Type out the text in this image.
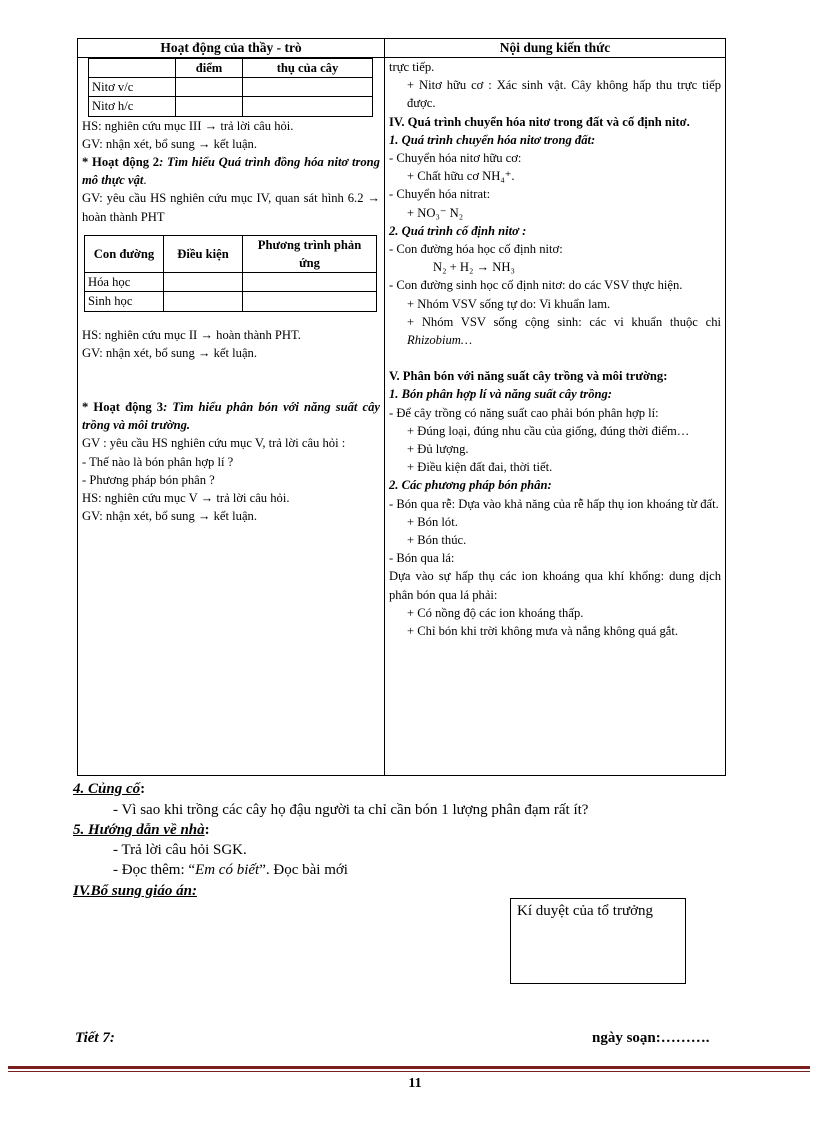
Hoạt động của thầy - trò
	điểm	thụ của cây
Nitơ v/c		
Nitơ h/c		

HS: nghiên cứu mục III → trả lời câu hỏi.

GV: nhận xét, bổ sung → kết luận.

* Hoạt động 2: Tìm hiểu Quá trình đồng hóa nitơ trong mô thực vật.

GV: yêu cầu HS nghiên cứu mục IV, quan sát hình 6.2 → hoàn thành PHT

Con đường	Điều kiện	Phương trình phản ứng
Hóa học		
Sinh học		

HS: nghiên cứu mục II → hoàn thành PHT.

GV: nhận xét, bổ sung → kết luận.

* Hoạt động 3: Tìm hiểu phân bón với năng suất cây trồng và môi trường.

GV : yêu cầu HS nghiên cứu mục V, trả lời câu hỏi :

- Thế nào là bón phân hợp lí ?

- Phương pháp bón phân ?

HS: nghiên cứu mục V → trả lời câu hỏi.

GV: nhận xét, bổ sung → kết luận.

Nội dung kiến thức

trực tiếp.

+ Nitơ hữu cơ : Xác sinh vật. Cây không hấp thu trực tiếp được.

IV. Quá trình chuyển hóa nitơ trong đất và cố định nitơ.

1. Quá trình chuyển hóa nitơ trong đất:

- Chuyển hóa nitơ hữu cơ:

+ Chất hữu cơ NH₄⁺.

- Chuyển hóa nitrat:

+ NO₃⁻ N₂

2. Quá trình cố định nitơ :

- Con đường hóa học cố định nitơ:

N₂ + H₂ → NH₃

- Con đường sinh học cố định nitơ: do các VSV thực hiện.

+ Nhóm VSV sống tự do: Vi khuẩn lam.

+ Nhóm VSV sống cộng sinh: các vi khuẩn thuộc chi Rhizobium…

V. Phân bón với năng suất cây trồng và môi trường:

1. Bón phân hợp lí và năng suất cây trồng:

- Để cây trồng có năng suất cao phải bón phân hợp lí:

+ Đúng loại, đúng nhu cầu của giống, đúng thời điểm…

+ Đủ lượng.

+ Điều kiện đất đai, thời tiết.

2. Các phương pháp bón phân:

- Bón qua rễ: Dựa vào khả năng của rễ hấp thụ ion khoáng từ đất.

+ Bón lót.

+ Bón thúc.

- Bón qua lá:

Dựa vào sự hấp thụ các ion khoáng qua khí khổng: dung dịch phân bón qua lá phải:

+ Có nồng độ các ion khoáng thấp.

+ Chỉ bón khi trời không mưa và nắng không quá gắt.

4. Củng cố:
- Vì sao khi trồng các cây họ đậu người ta chỉ cần bón 1 lượng phân đạm rất ít?
5. Hướng dẫn về nhà:
- Trả lời câu hỏi SGK.
- Đọc thêm: “Em có biết”. Đọc bài mới
IV.Bổ sung giáo án:
Kí duyệt của tổ trưởng
Tiết 7:	ngày soạn:……….
11
